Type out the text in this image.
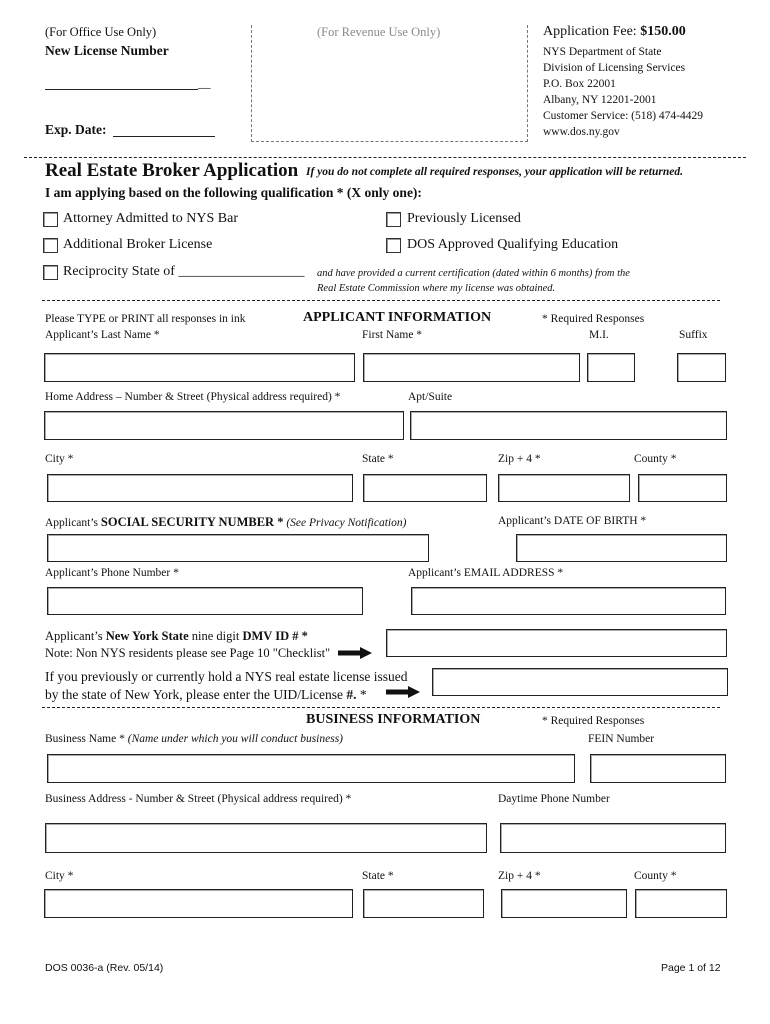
(For Office Use Only)
New License Number
__
Exp. Date:
(For Revenue Use Only)	Application Fee: $150.00
NYS Department of State
Division of Licensing Services
P.O. Box 22001
Albany, NY 12201-2001
Customer Service: (518) 474-4429
www.dos.ny.gov
Real Estate Broker Application If you do not complete all required responses, your application will be returned.
I am applying based on the following qualification * (X only one):
Attorney Admitted to NYS Bar	Previously Licensed
Additional Broker License	DOS Approved Qualifying Education
Reciprocity State of __________________ and have provided a current certification (dated within 6 months) from the
Real Estate Commission where my license was obtained.
Please TYPE or PRINT all responses in ink	APPLICANT INFORMATION	* Required Responses
Applicant’s Last Name *	First Name *	M.I.	Suffix
Home Address – Number & Street (Physical address required) *	Apt/Suite
City *	State *	Zip + 4 *	County *
Applicant’s SOCIAL SECURITY NUMBER * (See Privacy Notification)	Applicant’s DATE OF BIRTH *
Applicant’s Phone Number *	Applicant’s EMAIL ADDRESS *
Applicant’s New York State nine digit DMV ID # *
Note: Non NYS residents please see Page 10 "Checklist"
If you previously or currently hold a NYS real estate license issued
by the state of New York, please enter the UID/License #. *
BUSINESS INFORMATION	* Required Responses
Business Name * (Name under which you will conduct business)	FEIN Number
Business Address - Number & Street (Physical address required) *	Daytime Phone Number
City *	State *	Zip + 4 *	County *
DOS 0036-a (Rev. 05/14)	Page 1 of 12
